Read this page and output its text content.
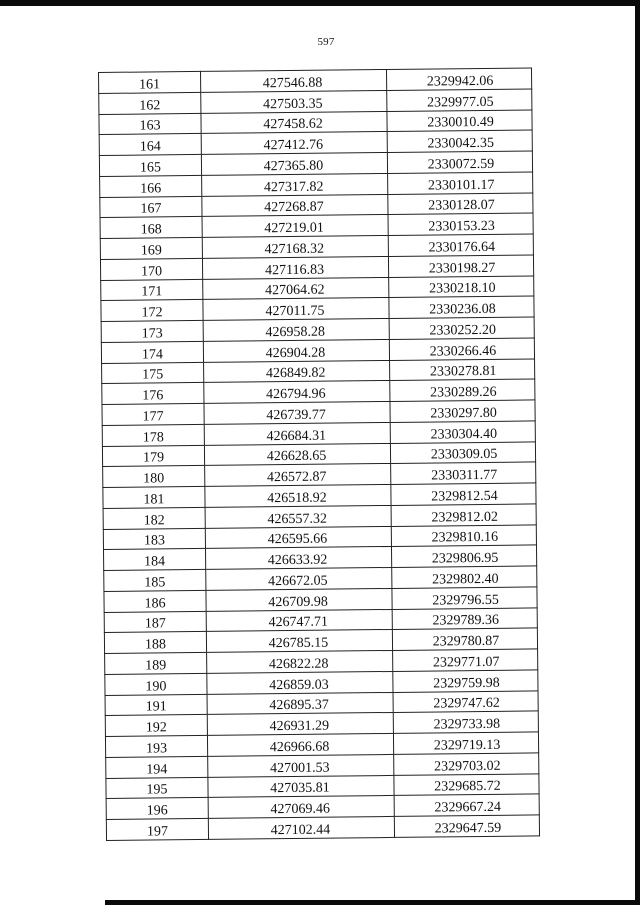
597
161	427546.88	2329942.06
162	427503.35	2329977.05
163	427458.62	2330010.49
164	427412.76	2330042.35
165	427365.80	2330072.59
166	427317.82	2330101.17
167	427268.87	2330128.07
168	427219.01	2330153.23
169	427168.32	2330176.64
170	427116.83	2330198.27
171	427064.62	2330218.10
172	427011.75	2330236.08
173	426958.28	2330252.20
174	426904.28	2330266.46
175	426849.82	2330278.81
176	426794.96	2330289.26
177	426739.77	2330297.80
178	426684.31	2330304.40
179	426628.65	2330309.05
180	426572.87	2330311.77
181	426518.92	2329812.54
182	426557.32	2329812.02
183	426595.66	2329810.16
184	426633.92	2329806.95
185	426672.05	2329802.40
186	426709.98	2329796.55
187	426747.71	2329789.36
188	426785.15	2329780.87
189	426822.28	2329771.07
190	426859.03	2329759.98
191	426895.37	2329747.62
192	426931.29	2329733.98
193	426966.68	2329719.13
194	427001.53	2329703.02
195	427035.81	2329685.72
196	427069.46	2329667.24
197	427102.44	2329647.59
